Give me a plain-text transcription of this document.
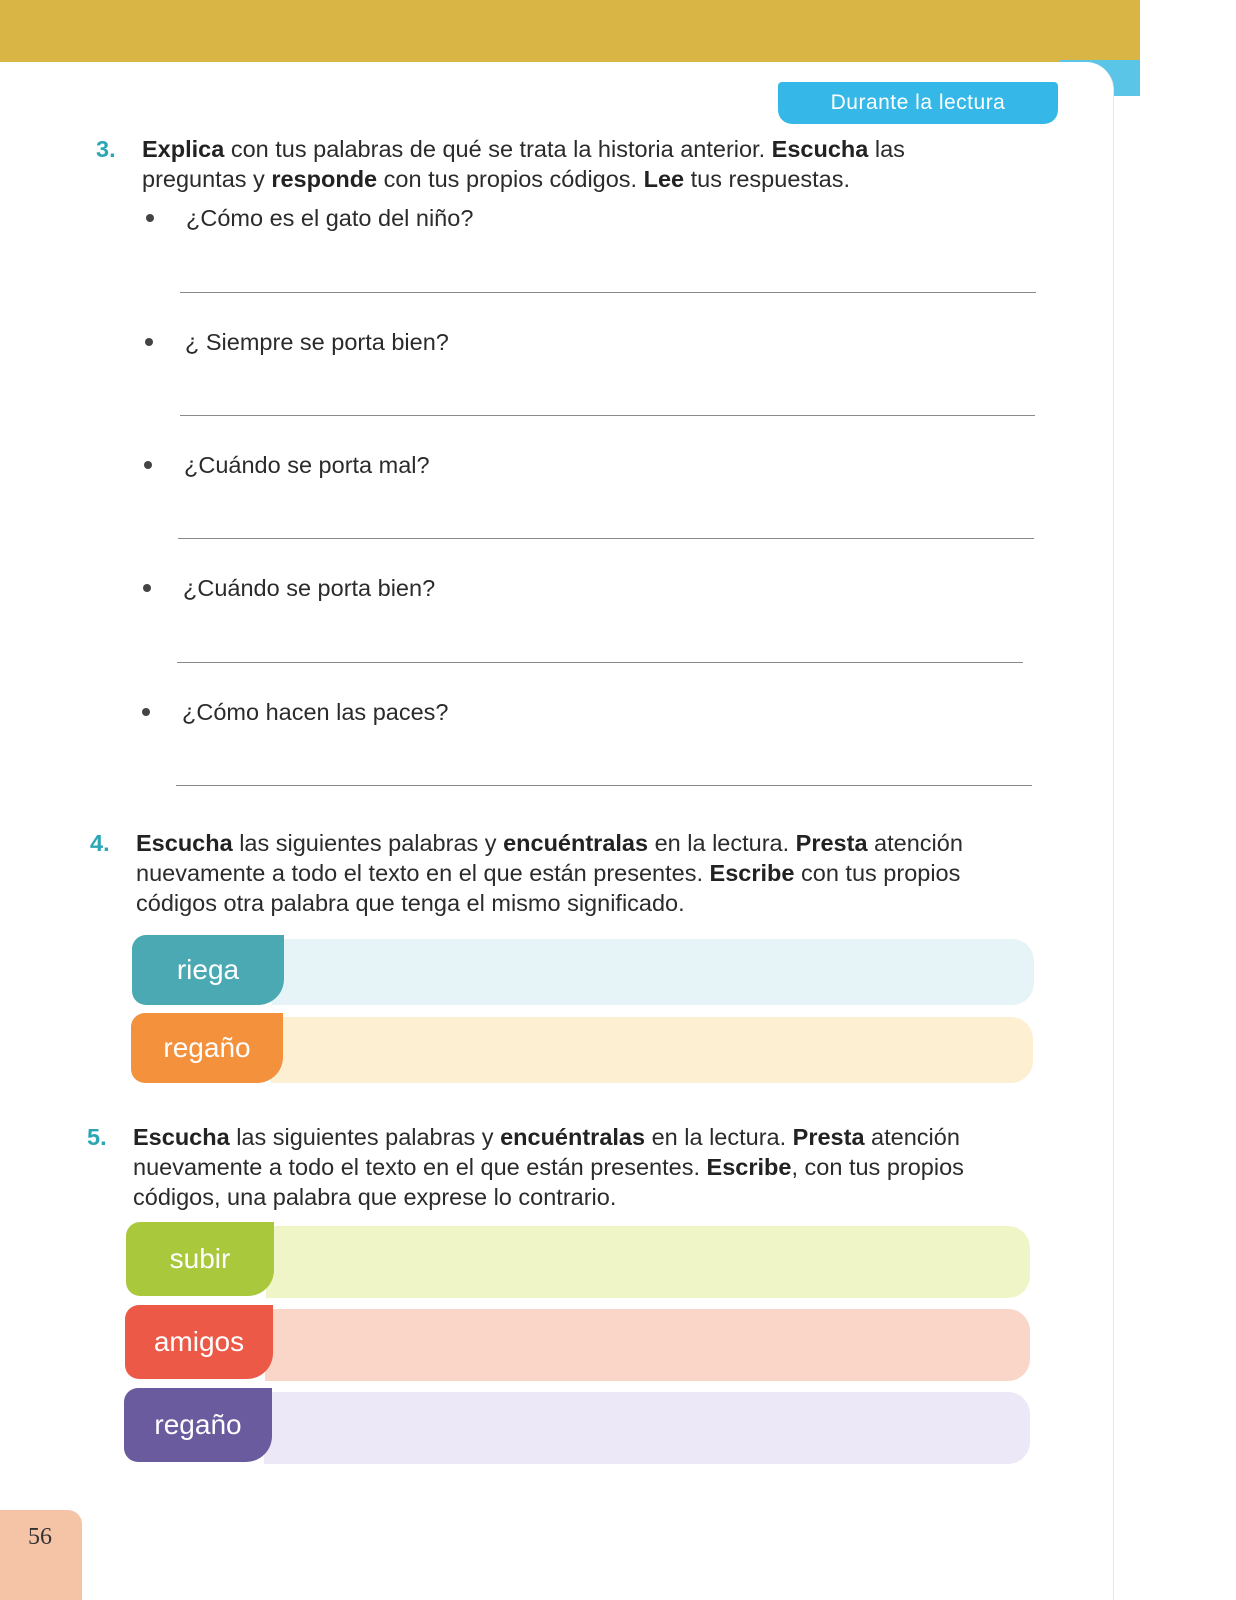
Durante la lectura
3. Explica con tus palabras de qué se trata la historia anterior. Escucha las
preguntas y responde con tus propios códigos. Lee tus respuestas.
¿Cómo es el gato del niño?
¿ Siempre se porta bien?
¿Cuándo se porta mal?
¿Cuándo se porta bien?
¿Cómo hacen las paces?
4. Escucha las siguientes palabras y encuéntralas en la lectura. Presta atención
nuevamente a todo el texto en el que están presentes. Escribe con tus propios
códigos otra palabra que tenga el mismo significado.
riega
regaño
5. Escucha las siguientes palabras y encuéntralas en la lectura. Presta atención
nuevamente a todo el texto en el que están presentes. Escribe, con tus propios
códigos, una palabra que exprese lo contrario.
subir
amigos
regaño
56
